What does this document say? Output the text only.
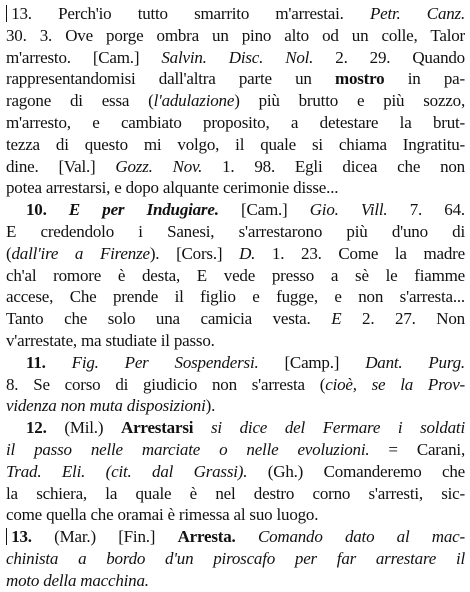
13. Perch'io tutto smarrito m'arrestai. Petr. Canz.
30. 3. Ove porge ombra un pino alto od un colle, Talor
m'arresto. [Cam.] Salvin. Disc. Nol. 2. 29. Quando
rappresentandomisi dall'altra parte un mostro in pa-
ragone di essa (l'adulazione) più brutto e più sozzo,
m'arresto, e cambiato proposito, a detestare la brut-
tezza di questo mi volgo, il quale si chiama Ingratitu-
dine. [Val.] Gozz. Nov. 1. 98. Egli dicea che non
potea arrestarsi, e dopo alquante cerimonie disse...
10. E per Indugiare. [Cam.] Gio. Vill. 7. 64.
E credendolo i Sanesi, s'arrestarono più d'uno di
(dall'ire a Firenze). [Cors.] D. 1. 23. Come la madre
ch'al romore è desta, E vede presso a sè le fiamme
accese, Che prende il figlio e fugge, e non s'arresta...
Tanto che solo una camicia vesta. E 2. 27. Non
v'arrestate, ma studiate il passo.
11. Fig. Per Sospendersi. [Camp.] Dant. Purg.
8. Se corso di giudicio non s'arresta (cioè, se la Prov-
videnza non muta disposizioni).
12. (Mil.) Arrestarsi si dice del Fermare i soldati
il passo nelle marciate o nelle evoluzioni. = Carani,
Trad. Eli. (cit. dal Grassi). (Gh.) Comanderemo che
la schiera, la quale è nel destro corno s'arresti, sic-
come quella che oramai è rimessa al suo luogo.
13. (Mar.) [Fin.] Arresta. Comando dato al mac-
chinista a bordo d'un piroscafo per far arrestare il
moto della macchina.
